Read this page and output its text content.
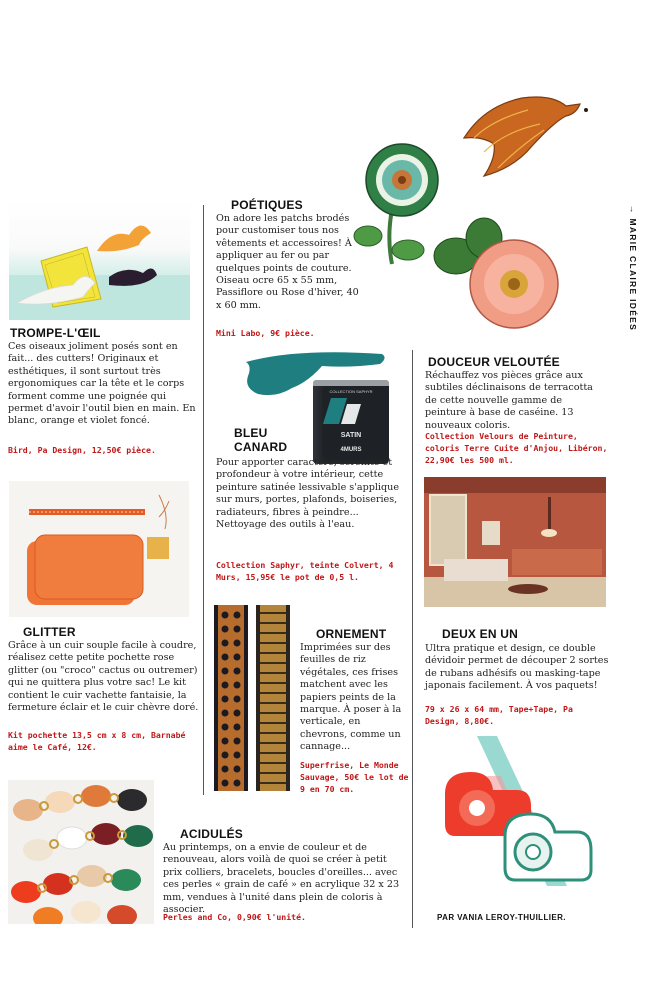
→ MARIE CLAIRE IDÉES
TROMPE-L'ŒIL
Ces oiseaux joliment posés sont en fait... des cutters! Originaux et esthétiques, il sont surtout très ergonomiques car la tête et le corps forment comme une poignée qui permet d'avoir l'outil bien en main. En blanc, orange et violet foncé.
Bird, Pa Design, 12,50€ pièce.
POÉTIQUES
On adore les patchs brodés pour customiser tous nos vêtements et accessoires! À appliquer au fer ou par quelques points de couture. Oiseau ocre 65 x 55 mm, Passiflore ou Rose d'hiver, 40 x 60 mm.
Mini Labo, 9€ pièce.
COLLECTION SAPHYR
SATIN
4MURS
BLEU
CANARD
Pour apporter caractère, sérénité et profondeur à votre intérieur, cette peinture satinée lessivable s'applique sur murs, portes, plafonds, boiseries, radiateurs, fibres à peindre... Nettoyage des outils à l'eau.
Collection Saphyr, teinte Colvert, 4 Murs, 15,95€ le pot de 0,5 l.
DOUCEUR VELOUTÉE
Réchauffez vos pièces grâce aux subtiles déclinaisons de terracotta de cette nouvelle gamme de peinture à base de caséine. 13 nouveaux coloris.
Collection Velours de Peinture, coloris Terre Cuite d'Anjou, Libéron, 22,90€ les 500 ml.
GLITTER
Grâce à un cuir souple facile à coudre, réalisez cette petite pochette rose glitter (ou "croco" cactus ou outremer) qui ne quittera plus votre sac! Le kit contient le cuir vachette fantaisie, la fermeture éclair et le cuir chèvre doré.
Kit pochette 13,5 cm x 8 cm, Barnabé aime le Café, 12€.
ORNEMENT
Imprimées sur des feuilles de riz végétales, ces frises matchent avec les papiers peints de la marque. À poser à la verticale, en chevrons, comme un cannage...
Superfrise, Le Monde Sauvage, 50€ le lot de 9 en 70 cm.
DEUX EN UN
Ultra pratique et design, ce double dévidoir permet de découper 2 sortes de rubans adhésifs ou masking-tape japonais facilement. À vos paquets!
79 x 26 x 64 mm, Tape+Tape, Pa Design, 8,80€.
PAR VANIA LEROY-THUILLIER.
ACIDULÉS
Au printemps, on a envie de couleur et de renouveau, alors voilà de quoi se créer à petit prix colliers, bracelets, boucles d'oreilles... avec ces perles « grain de café » en acrylique 32 x 23 mm, vendues à l'unité dans plein de coloris à associer.
Perles and Co, 0,90€ l'unité.
